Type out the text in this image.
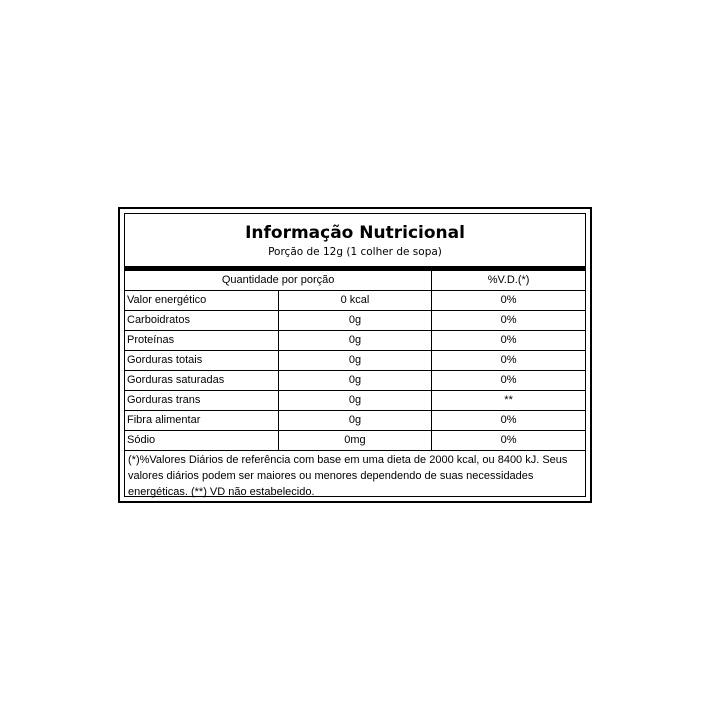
Informação Nutricional
Porção de 12g (1 colher de sopa)
Quantidade por porção		%V.D.(*)
Valor energético	0 kcal	0%
Carboidratos	0g	0%
Proteínas	0g	0%
Gorduras totais	0g	0%
Gorduras saturadas	0g	0%
Gorduras trans	0g	**
Fibra alimentar	0g	0%
Sódio	0mg	0%
(*)%Valores Diários de referência com base em uma dieta de 2000 kcal, ou 8400 kJ. Seus valores diários podem ser maiores ou menores dependendo de suas necessidades energéticas. (**) VD não estabelecido.
